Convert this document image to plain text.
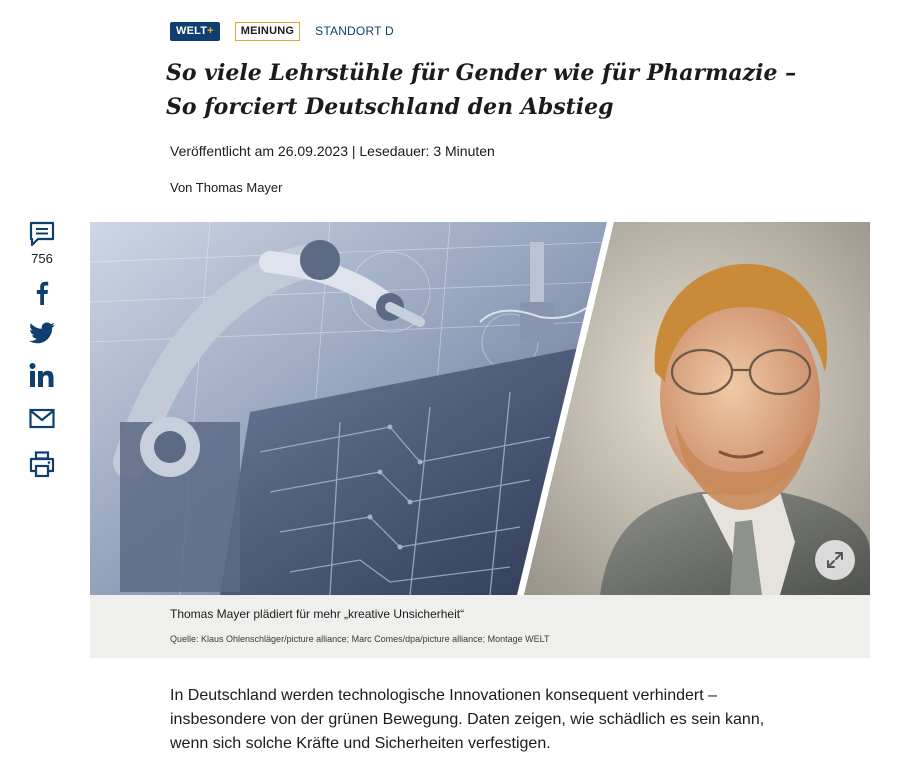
WELT+	MEINUNG	STANDORT D
So viele Lehrstühle für Gender wie für Pharmazie – So forciert Deutschland den Abstieg
Veröffentlicht am 26.09.2023 | Lesedauer: 3 Minuten
Von Thomas Mayer
756
Thomas Mayer plädiert für mehr „kreative Unsicherheit“
Quelle: Klaus Ohlenschläger/picture alliance; Marc Comes/dpa/picture alliance; Montage WELT

In Deutschland werden technologische Innovationen konsequent verhindert – insbesondere von der grünen Bewegung. Daten zeigen, wie schädlich es sein kann, wenn sich solche Kräfte und Sicherheiten verfestigen.
